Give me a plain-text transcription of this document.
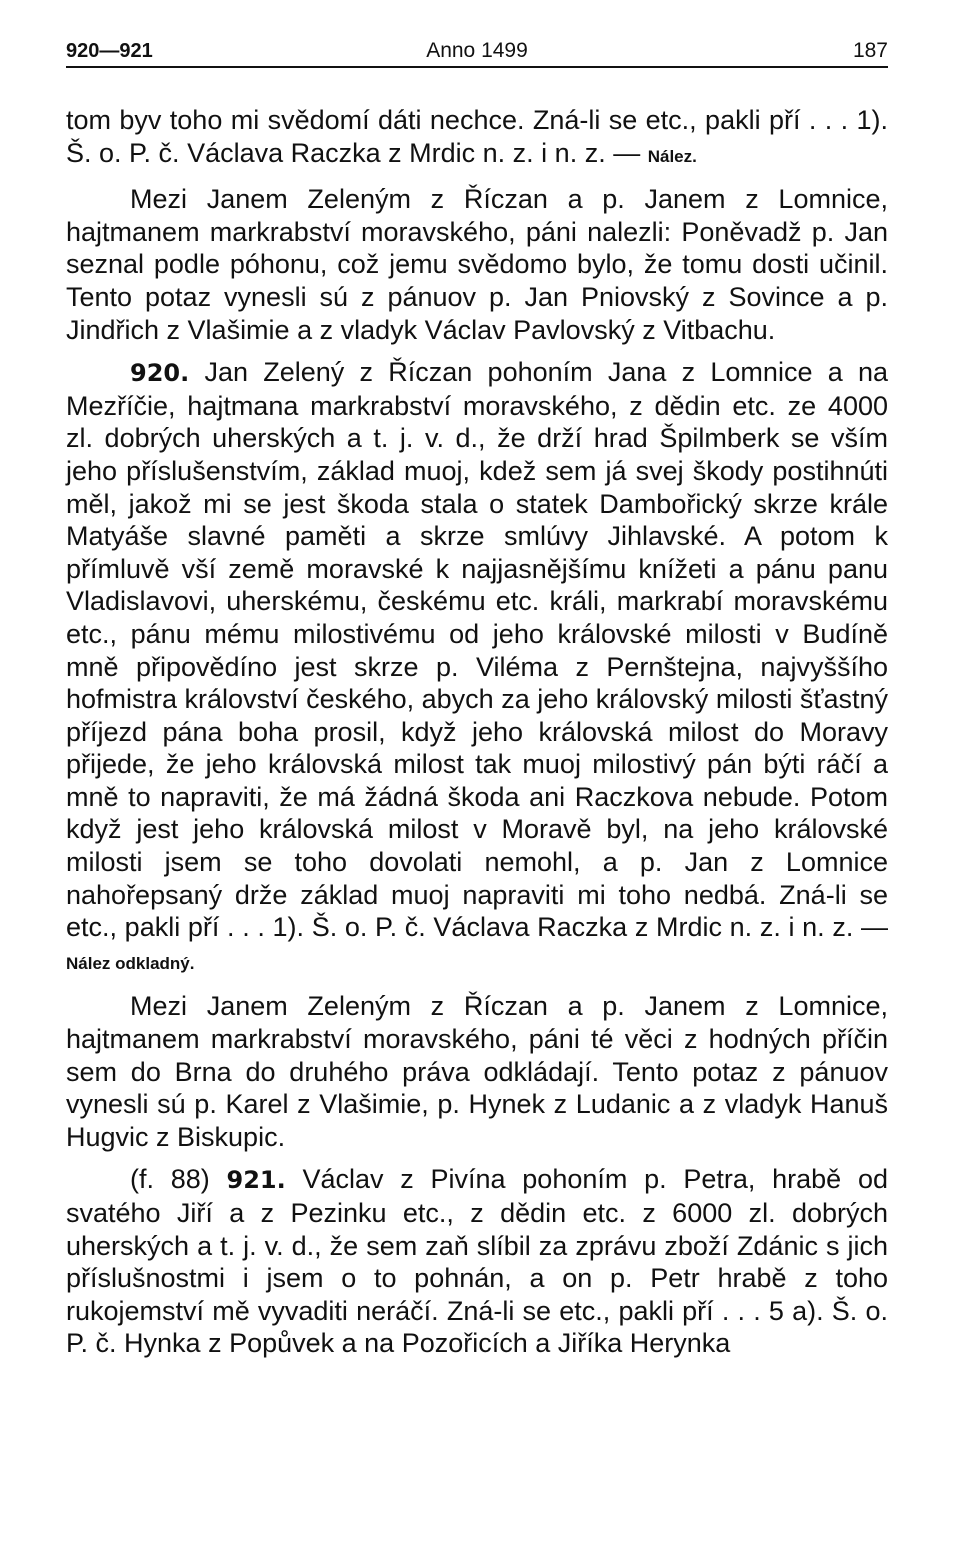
920—921	Anno 1499	187

tom byv toho mi svědomí dáti nechce. Zná-li se etc., pakli pří . . . 1). Š. o. P. č. Václava Raczka z Mrdic n. z. i n. z. — Nález.

Mezi Janem Zeleným z Říczan a p. Janem z Lomnice, hajtmanem markrabství moravského, páni nalezli: Poněvadž p. Jan seznal podle póhonu, což jemu svědomo bylo, že tomu dosti učinil. Tento potaz vynesli sú z pánuov p. Jan Pniovský z Sovince a p. Jindřich z Vlašimie a z vladyk Václav Pavlovský z Vitbachu.

920. Jan Zelený z Říczan pohoním Jana z Lomnice a na Mezříčie, hajtmana markrabství moravského, z dědin etc. ze 4000 zl. dobrých uherských a t. j. v. d., že drží hrad Špilmberk se vším jeho příslušenstvím, základ muoj, kdež sem já svej škody postihnúti měl, jakož mi se jest škoda stala o statek Dambořický skrze krále Matyáše slavné paměti a skrze smlúvy Jihlavské. A potom k přímluvě vší země moravské k najjasnějšímu knížeti a pánu panu Vladislavovi, uherskému, českému etc. králi, markrabí moravskému etc., pánu mému milostivému od jeho královské milosti v Budíně mně připovědíno jest skrze p. Viléma z Pernštejna, najvyššího hofmistra království českého, abych za jeho královský milosti šťastný příjezd pána boha prosil, když jeho královská milost do Moravy přijede, že jeho královská milost tak muoj milostivý pán býti ráčí a mně to napraviti, že má žádná škoda ani Raczkova nebude. Potom když jest jeho královská milost v Moravě byl, na jeho královské milosti jsem se toho dovolati nemohl, a p. Jan z Lomnice nahořepsaný drže základ muoj napraviti mi toho nedbá. Zná-li se etc., pakli pří . . . 1). Š. o. P. č. Václava Raczka z Mrdic n. z. i n. z. — Nález odkladný.

Mezi Janem Zeleným z Říczan a p. Janem z Lomnice, hajtmanem markrabství moravského, páni té věci z hodných příčin sem do Brna do druhého práva odkládají. Tento potaz z pánuov vynesli sú p. Karel z Vlašimie, p. Hynek z Ludanic a z vladyk Hanuš Hugvic z Biskupic.

(f. 88) 921. Václav z Pivína pohoním p. Petra, hrabě od svatého Jiří a z Pezinku etc., z dědin etc. z 6000 zl. dobrých uherských a t. j. v. d., že sem zaň slíbil za zprávu zboží Zdánic s jich příslušnostmi i jsem o to pohnán, a on p. Petr hrabě z toho rukojemství mě vyvaditi neráčí. Zná-li se etc., pakli pří . . . 5 a). Š. o. P. č. Hynka z Popůvek a na Pozořicích a Jiříka Herynka
